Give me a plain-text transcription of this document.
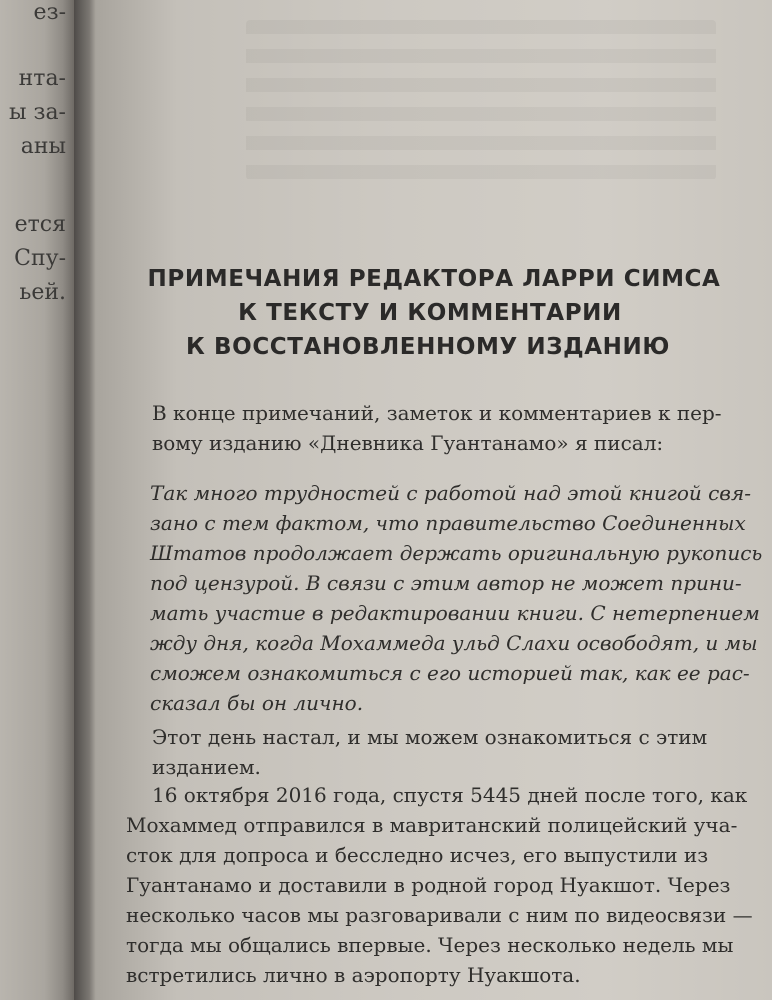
ез-
нта-
ы за-
аны
ется
Спу-
ьей.
ПРИМЕЧАНИЯ РЕДАКТОРА ЛАРРИ СИМСА
К ТЕКСТУ И КОММЕНТАРИИ
К ВОССТАНОВЛЕННОМУ ИЗДАНИЮ
В конце примечаний, заметок и комментариев к пер-
вому изданию «Дневника Гуантанамо» я писал:
Так много трудностей с работой над этой книгой свя-
зано с тем фактом, что правительство Соединенных
Штатов продолжает держать оригинальную рукопись
под цензурой. В связи с этим автор не может прини-
мать участие в редактировании книги. С нетерпением
жду дня, когда Мохаммеда ульд Слахи освободят, и мы
сможем ознакомиться с его историей так, как ее рас-
сказал бы он лично.
Этот день настал, и мы можем ознакомиться с этим
изданием.
16 октября 2016 года, спустя 5445 дней после того, как
Мохаммед отправился в мавританский полицейский уча-
сток для допроса и бесследно исчез, его выпустили из
Гуантанамо и доставили в родной город Нуакшот. Через
несколько часов мы разговаривали с ним по видеосвязи —
тогда мы общались впервые. Через несколько недель мы
встретились лично в аэропорту Нуакшота.
